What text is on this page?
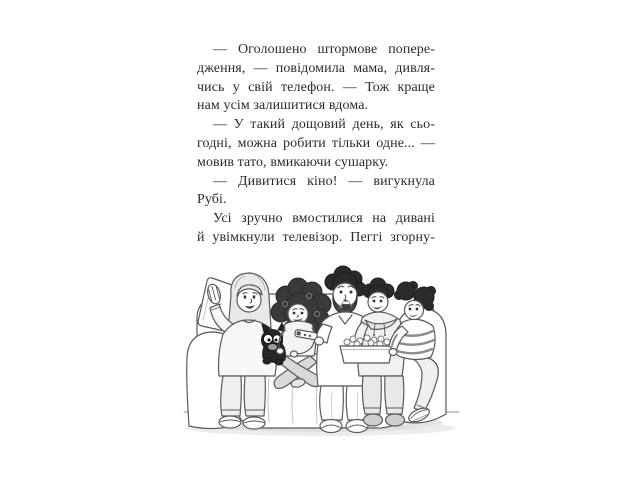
— Оголошено штормове попере-
дження, — повідомила мама, дивля-
чись у свій телефон. — Тож краще
нам усім залишитися вдома.
— У такий дощовий день, як сьо-
годні, можна робити тільки одне... —
мовив тато, вмикаючи сушарку.
— Дивитися кіно! — вигукнула
Рубі.
Усі зручно вмостилися на дивані
й увімкнули телевізор. Пеггі згорну-
